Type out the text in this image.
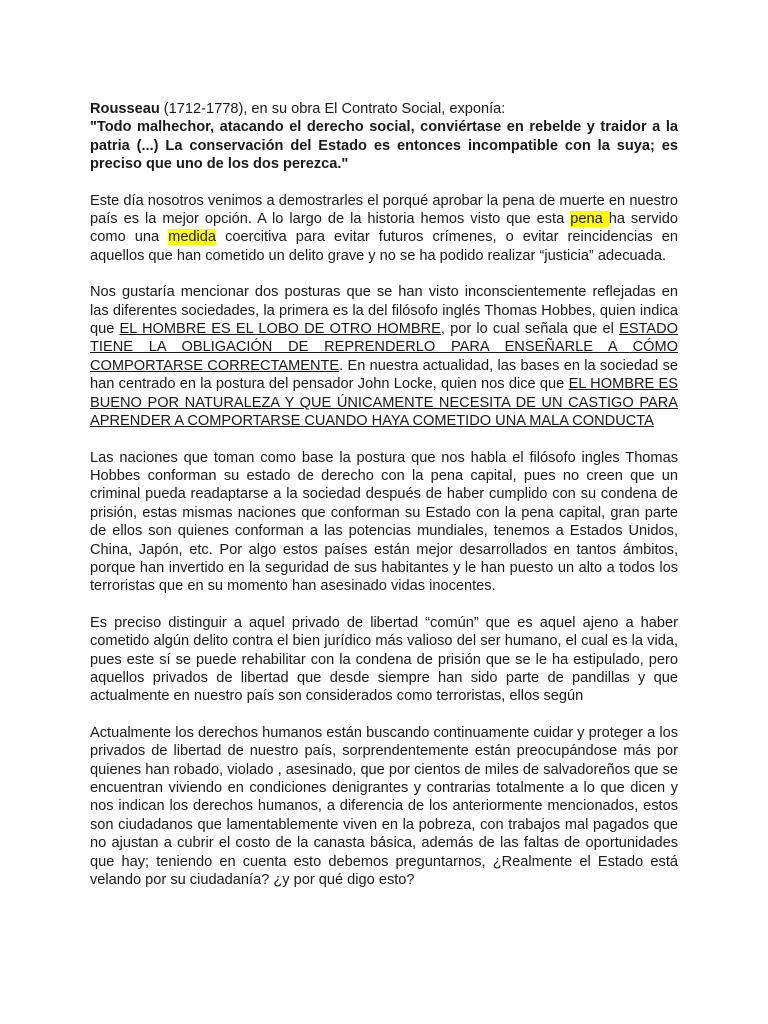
Rousseau (1712-1778), en su obra El Contrato Social, exponía:

"Todo malhechor, atacando el derecho social, conviértase en rebelde y traidor a la patria (...) La conservación del Estado es entonces incompatible con la suya; es preciso que uno de los dos perezca."

Este día nosotros venimos a demostrarles el porqué aprobar la pena de muerte en nuestro país es la mejor opción. A lo largo de la historia hemos visto que esta pena ha servido como una medida coercitiva para evitar futuros crímenes, o evitar reincidencias en aquellos que han cometido un delito grave y no se ha podido realizar “justicia” adecuada.

Nos gustaría mencionar dos posturas que se han visto inconscientemente reflejadas en las diferentes sociedades, la primera es la del filósofo inglés Thomas Hobbes, quien indica que EL HOMBRE ES EL LOBO DE OTRO HOMBRE, por lo cual señala que el ESTADO TIENE LA OBLIGACIÓN DE REPRENDERLO PARA ENSEÑARLE A CÓMO COMPORTARSE CORRECTAMENTE. En nuestra actualidad, las bases en la sociedad se han centrado en la postura del pensador John Locke, quien nos dice que EL HOMBRE ES BUENO POR NATURALEZA Y QUE ÚNICAMENTE NECESITA DE UN CASTIGO PARA APRENDER A COMPORTARSE CUANDO HAYA COMETIDO UNA MALA CONDUCTA

Las naciones que toman como base la postura que nos habla el filósofo ingles Thomas Hobbes conforman su estado de derecho con la pena capital, pues no creen que un criminal pueda readaptarse a la sociedad después de haber cumplido con su condena de prisión, estas mismas naciones que conforman su Estado con la pena capital, gran parte de ellos son quienes conforman a las potencias mundiales, tenemos a Estados Unidos, China, Japón, etc. Por algo estos países están mejor desarrollados en tantos ámbitos, porque han invertido en la seguridad de sus habitantes y le han puesto un alto a todos los terroristas que en su momento han asesinado vidas inocentes.

Es preciso distinguir a aquel privado de libertad “común” que es aquel ajeno a haber cometido algún delito contra el bien jurídico más valioso del ser humano, el cual es la vida, pues este sí se puede rehabilitar con la condena de prisión que se le ha estipulado, pero aquellos privados de libertad que desde siempre han sido parte de pandillas y que actualmente en nuestro país son considerados como terroristas, ellos según

Actualmente los derechos humanos están buscando continuamente cuidar y proteger a los privados de libertad de nuestro país, sorprendentemente están preocupándose más por quienes han robado, violado , asesinado, que por cientos de miles de salvadoreños que se encuentran viviendo en condiciones denigrantes y contrarias totalmente a lo que dicen y nos indican los derechos humanos, a diferencia de los anteriormente mencionados, estos son ciudadanos que lamentablemente viven en la pobreza, con trabajos mal pagados que no ajustan a cubrir el costo de la canasta básica, además de las faltas de oportunidades que hay; teniendo en cuenta esto debemos preguntarnos, ¿Realmente el Estado está velando por su ciudadanía? ¿y por qué digo esto?
